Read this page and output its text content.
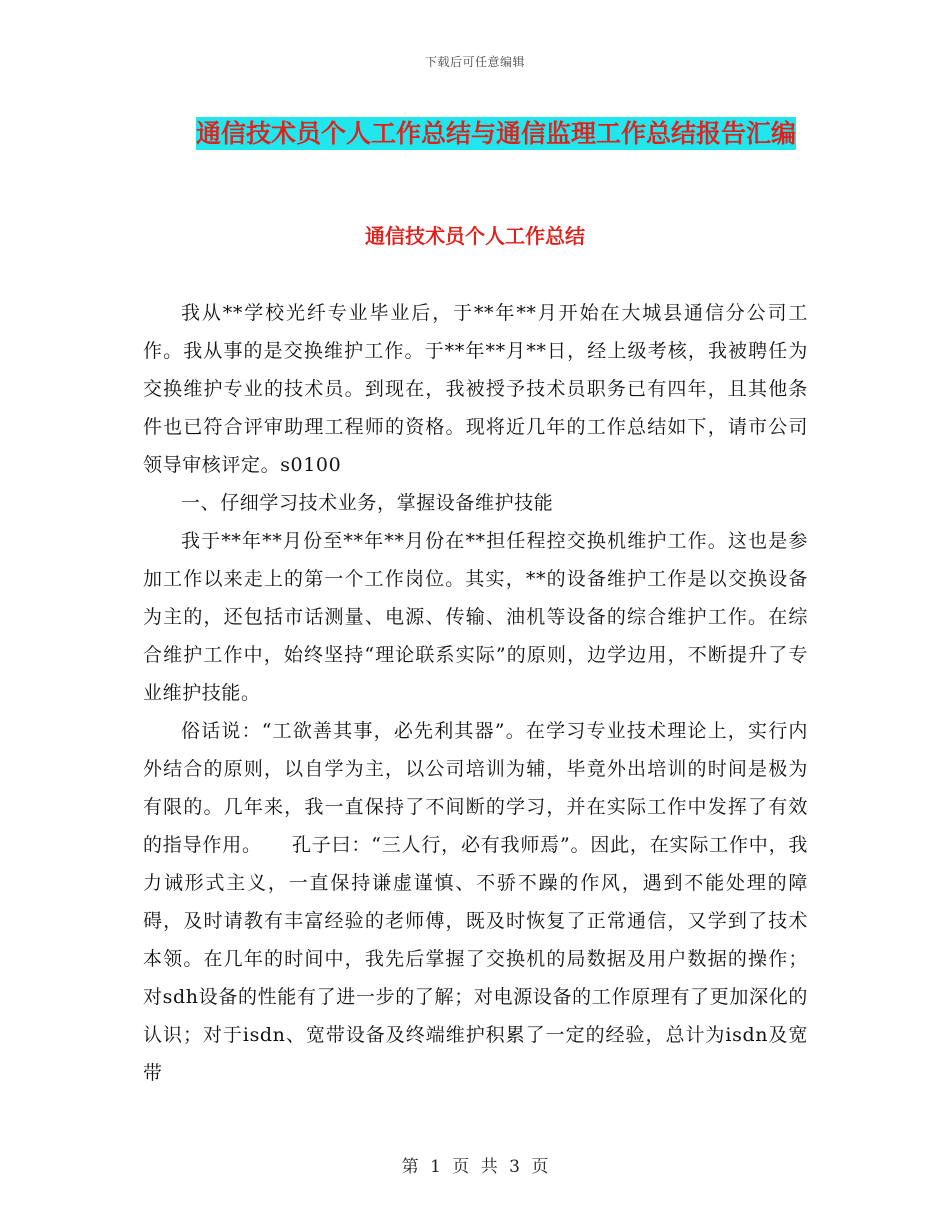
下载后可任意编辑
通信技术员个人工作总结与通信监理工作总结报告汇编
通信技术员个人工作总结

我从**学校光纤专业毕业后，于**年**月开始在大城县通信分公司工作。我从事的是交换维护工作。于**年**月**日，经上级考核，我被聘任为交换维护专业的技术员。到现在，我被授予技术员职务已有四年，且其他条件也已符合评审助理工程师的资格。现将近几年的工作总结如下，请市公司领导审核评定。s0100

一、仔细学习技术业务，掌握设备维护技能

我于**年**月份至**年**月份在**担任程控交换机维护工作。这也是参加工作以来走上的第一个工作岗位。其实，**的设备维护工作是以交换设备为主的，还包括市话测量、电源、传输、油机等设备的综合维护工作。在综合维护工作中，始终坚持“理论联系实际”的原则，边学边用，不断提升了专业维护技能。

俗话说：“工欲善其事，必先利其器”。在学习专业技术理论上，实行内外结合的原则，以自学为主，以公司培训为辅，毕竟外出培训的时间是极为有限的。几年来，我一直保持了不间断的学习，并在实际工作中发挥了有效的指导作用。　　孔子曰：“三人行，必有我师焉”。因此，在实际工作中，我力诫形式主义，一直保持谦虚谨慎、不骄不躁的作风，遇到不能处理的障碍，及时请教有丰富经验的老师傅，既及时恢复了正常通信，又学到了技术本领。在几年的时间中，我先后掌握了交换机的局数据及用户数据的操作；对sdh设备的性能有了进一步的了解；对电源设备的工作原理有了更加深化的认识；对于isdn、宽带设备及终端维护积累了一定的经验，总计为isdn及宽带

第 1 页 共 3 页
